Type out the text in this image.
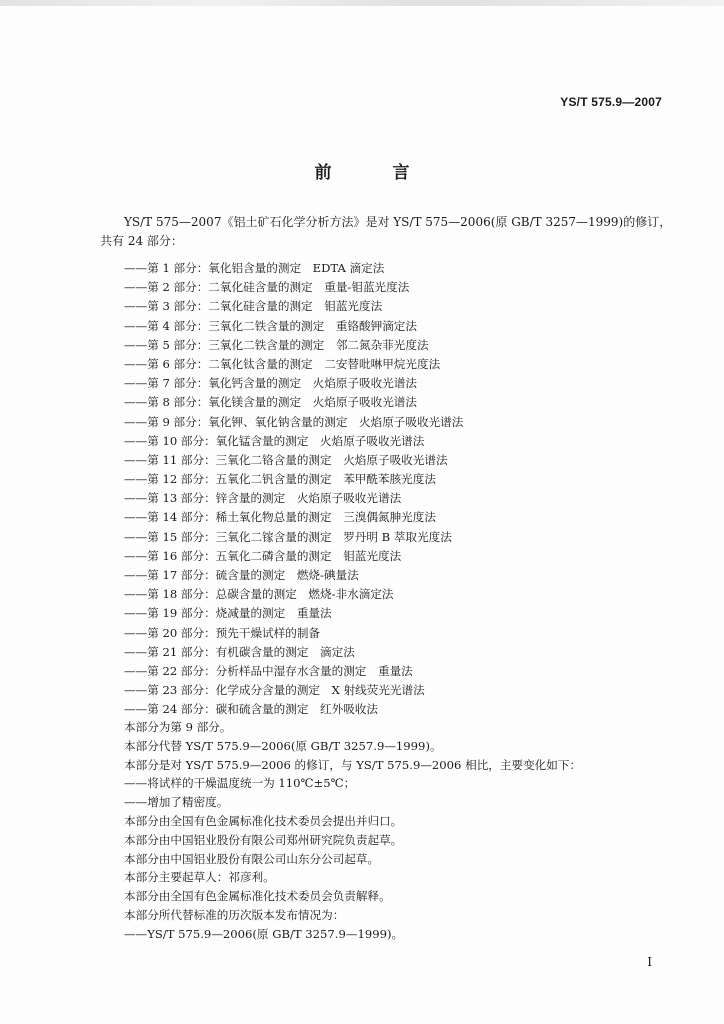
YS/T 575.9—2007
前　言
YS/T 575—2007《铝土矿石化学分析方法》是对 YS/T 575—2006(原 GB/T 3257—1999)的修订，
共有 24 部分：
——第 1 部分：氧化铝含量的测定　EDTA 滴定法
——第 2 部分：二氧化硅含量的测定　重量-钼蓝光度法
——第 3 部分：二氧化硅含量的测定　钼蓝光度法
——第 4 部分：三氧化二铁含量的测定　重铬酸钾滴定法
——第 5 部分：三氧化二铁含量的测定　邻二氮杂菲光度法
——第 6 部分：二氧化钛含量的测定　二安替吡啉甲烷光度法
——第 7 部分：氧化钙含量的测定　火焰原子吸收光谱法
——第 8 部分：氧化镁含量的测定　火焰原子吸收光谱法
——第 9 部分：氧化钾、氧化钠含量的测定　火焰原子吸收光谱法
——第 10 部分：氧化锰含量的测定　火焰原子吸收光谱法
——第 11 部分：三氧化二铬含量的测定　火焰原子吸收光谱法
——第 12 部分：五氧化二钒含量的测定　苯甲酰苯胲光度法
——第 13 部分：锌含量的测定　火焰原子吸收光谱法
——第 14 部分：稀土氧化物总量的测定　三溴偶氮胂光度法
——第 15 部分：三氧化二镓含量的测定　罗丹明 B 萃取光度法
——第 16 部分：五氧化二磷含量的测定　钼蓝光度法
——第 17 部分：硫含量的测定　燃烧-碘量法
——第 18 部分：总碳含量的测定　燃烧-非水滴定法
——第 19 部分：烧减量的测定　重量法
——第 20 部分：预先干燥试样的制备
——第 21 部分：有机碳含量的测定　滴定法
——第 22 部分：分析样品中湿存水含量的测定　重量法
——第 23 部分：化学成分含量的测定　X 射线荧光光谱法
——第 24 部分：碳和硫含量的测定　红外吸收法
本部分为第 9 部分。
本部分代替 YS/T 575.9—2006(原 GB/T 3257.9—1999)。
本部分是对 YS/T 575.9—2006 的修订，与 YS/T 575.9—2006 相比，主要变化如下：
——将试样的干燥温度统一为 110℃±5℃；
——增加了精密度。
本部分由全国有色金属标准化技术委员会提出并归口。
本部分由中国铝业股份有限公司郑州研究院负责起草。
本部分由中国铝业股份有限公司山东分公司起草。
本部分主要起草人：祁彦利。
本部分由全国有色金属标准化技术委员会负责解释。
本部分所代替标准的历次版本发布情况为：
——YS/T 575.9—2006(原 GB/T 3257.9—1999)。
I
